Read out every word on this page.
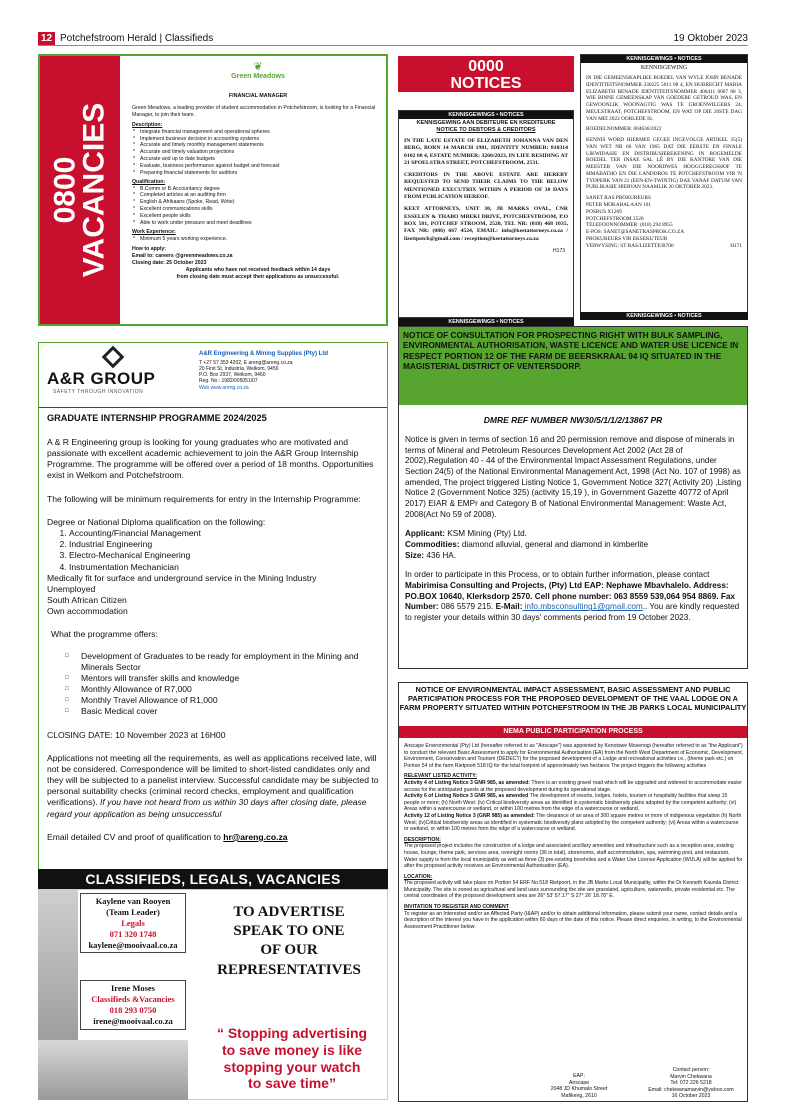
12 Potchefstroom Herald | Classifieds	19 Oktober 2023
0800
VACANCIES
❦
Green Meadows
FINANCIAL MANAGER

Green Meadows, a leading provider of student accommodation in Potchefstroom, is looking for a Financial Manager, to join their team.

Description:
* Integrate financial management and operational spheres
* Implement business decision in accounting systems
* Accurate and timely monthly management statements
* Accurate and timely valuation projections
* Accurate and up to date budgets
* Evaluate, business performance against budget and forecast
* Preparing financial statements for auditors
Qualification:
* B.Comm or B.Accountancy degree
* Completed articles at an auditing firm
* English & Afrikaans (Spoke, Read, Write)
* Excellent communications skills
* Excellent people skills
* Able to work under pressure and meet deadlines
Work Experience:
* Minimum 5 years working experience.
How to apply:
Email to: careers @greenmeadows.co.za
Closing date: 25 October 2023
Applicants who have not received feedback within 14 days
from closing date must accept their applications as unsuccessful.
0000
NOTICES
KENNISGEWINGS • NOTICES
KENNISGEWING AAN DEBITEURE EN KREDITEURE
NOTICE TO DEBTORS & CREDITORS

IN THE LATE ESTATE OF ELIZABETH JOHANNA VAN DEN BERG, BORN 14 MARCH 1981, IDENTITY NUMBER: 810314 0102 08 4, ESTATE NUMBER: 3260/2023, IN LIFE RESIDING AT 21 SPOELSTRA STREET, POTCHEFSTROOM, 2531.

CREDITORS IN THE ABOVE ESTATE ARE HEREBY REQUESTED TO SEND THEIR CLAIMS TO THE BELOW MENTIONED EXECUTRIX WITHIN A PERIOD OF 30 DAYS FROM PUBLICATION HEREOF.

KEET ATTORNEYS, UNIT 30, JB MARKS OVAL, CNR ESSELEN & THABO MBEKI DRIVE, POTCHEFSTROOM, P.O BOX 581, POTCHEF STROOM, 2520, TEL NR: (018) 468 1035, FAX NR: (086) 667 4524, EMAIL: info@keetattorneys.co.za / lizettpotch@gmail.com / reception@keetattorneys.co.za

H173
KENNISGEWINGS • NOTICES
KENNISGEWINGS • NOTICES
KENNISGEWING

IN DIE GEMEENSKAPLIKE BOEDEL VAN WYLE JOHN BENADE IDENTITEITSNOMMER 330225 5011 08 4, EN HUBRECHT MARIA ELIZABETH BENADE IDENTITEITSNOMMER 400411 0007 08 3, WIE BINNE GEMEENSKAP VAN GOEDERE GETROUD WAS, EN GEWOONLIK WOONAGTIG WAS TE GROENWILGERS 24, MEULSTRAAT, POTCHEFSTROOM, EN WAT OP DIE 20STE DAG VAN MEI 2022 OORLEDE IS.

BOEDELNOMMER: 004636/2022

KENNIS WORD HIERMEE GEGEE INGEVOLGE ARTIKEL 35(5) VAN WET NR 66 VAN 1965 DAT DIE EERSTE EN FINALE LIKWIDASIE EN DISTRIBUSIEREKENING IN BOGEMELDE BOEDEL TER INSAE SAL LÊ BY DIE KANTORE VAN DIE MEESTER VAN DIE NOORDWES HOOGGEREGSHOF TE MMABATHO EN DIE LANDDROS TE POTCHEFSTROOM VIR 'N TYDPERK VAN 21 (EEN-EN-TWINTIG) DAE VANAF DATUM VAN PUBLIKASIE HIERVAN NAAMLIK 20 OKTOBER 2023.

SANET RAS PROKUREURS
PETER MOKABALAAN 101
POSBUS X1269
POTCHEFSTROOM 2520
TELEFOONNOMMER: (018) 294 8955
E-POS: SANET@SANETRASPROK.CO.ZA
PROKUREURS VIR EKSEKUTEUR
VERWYSING: ST RAS/LIZETTE/B700	H171
KENNISGEWINGS • NOTICES
A&R GROUP
SAFETY THROUGH INNOVATION
A&R Engineering & Mining Supplies (Pty) Ltd
T +27 57 353 4202, E areng@areng.co.za
20 First St, Industria, Welkom, 9459
P.O. Box 2937, Welkom, 9460
Reg. No.: 1982/005051/07
Web www.areng.co.za
GRADUATE INTERNSHIP PROGRAMME 2024/2025

A & R Engineering group is looking for young graduates who are motivated and passionate with excellent academic achievement to join the A&R Group Internship Programme. The programme will be offered over a period of 18 months. Opportunities exist in Welkom and Potchefstroom.

The following will be minimum requirements for entry in the Internship Programme:

Degree or National Diploma qualification on the following:
1. Accounting/Financial Management
2. Industrial Engineering
3. Electro-Mechanical Engineering
4. Instrumentation Mechanician
Medically fit for surface and underground service in the Mining Industry
Unemployed
South African Citizen
Own accommodation
What the programme offers:
□ Development of Graduates to be ready for employment in the Mining and Minerals Sector
□ Mentors will transfer skills and knowledge
□ Monthly Allowance of R7,000
□ Monthly Travel Allowance of R1,000
□ Basic Medical cover

CLOSING DATE: 10 November 2023 at 16H00

Applications not meeting all the requirements, as well as applications received late, will not be considered. Correspondence will be limited to short-listed candidates only and they will be subjected to a panelist interview. Successful candidate may be subjected to personal suitability checks (criminal record checks, employment and qualification verifications). If you have not heard from us within 30 days after closing date, please regard your application as being unsuccessful

Email detailed CV and proof of qualification to hr@areng.co.za

CLASSIFIEDS, LEGALS, VACANCIES
Kaylene van Rooyen
(Team Leader)
Legals
071 320 1748
kaylene@mooivaal.co.za
Irene Moses
Classifieds &Vacancies
018 293 0750
irene@mooivaal.co.za
TO ADVERTISE
SPEAK TO ONE
OF OUR
REPRESENTATIVES
“ Stopping advertising
to save money is like
stopping your watch
to save time”
NOTICE OF CONSULTATION FOR PROSPECTING RIGHT WITH BULK SAMPLING, ENVIRONMENTAL AUTHORISATION, WASTE LICENCE AND WATER USE LICENCE IN RESPECT PORTION 12 OF THE FARM DE BEERSKRAAL 94 IQ SITUATED IN THE MAGISTERIAL DISTRICT OF VENTERSDORP.
DMRE REF NUMBER NW30/5/1/1/2/13867 PR

Notice is given in terms of section 16 and 20 permission remove and dispose of minerals in terms of Mineral and Petroleum Resources Development Act 2002 (Act 28 of 2002),Regulation 40 - 44 of the Environmental Impact Assessment Regulations, under Section 24(5) of the National Environmental Management Act, 1998 (Act No. 107 of 1998) as amended, The project triggered Listing Notice 1, Government Notice 327( Activity 20) ,Listing Notice 2 (Government Notice 325) (activity 15,19 ), in Government Gazette 40772 of April 2017) EIAR & EMPr and Category B of National Environmental Management: Waste Act, 2008(Act No 59 of 2008).

Applicant: KSM Mining (Pty) Ltd.
Commodities: diamond alluvial, general and diamond in kimberlite

Size: 436 HA.

In order to participate in this Process, or to obtain further information, please contact Mabirimisa Consulting and Projects, (Pty) Ltd EAP: Nephawe Mbavhalelo. Address: PO.BOX 10640, Klerksdorp 2570. Cell phone number: 063 8559 539,064 954 8869. Fax Number: 086 5579 215. E-Mail: info.mbsconsulting1@gmail.com.. You are kindly requested to register your details within 30 days' comments period from 19 October 2023.

NOTICE OF ENVIRONMENTAL IMPACT ASSESSMENT, BASIC ASSESSMENT AND PUBLIC PARTICIPATION PROCESS FOR THE PROPOSED DEVELOPMENT OF THE VAAL LODGE ON A FARM PROPERTY SITUATED WITHIN POTCHEFSTROOM IN THE JB PARKS LOCAL MUNICIPALITY
NEMA PUBLIC PARTICIPATION PROCESS

Airscape Environmental (Pty) Ltd (hereafter referred to as "Airscape") was appointed by Kenotswe Mosenogi (hereafter referred to as "the Applicant") to conduct the relevant Basic Assessment to apply for Environmental Authorisation (EA) from the North West Department of Economic, Development, Environment, Conservation and Tourism (DEDECT) for the proposed development of a Lodge and recreational activities i.e., (theme park etc.) on Portion 54 of the farm Rietpoort 518 IQ for the total footprint of approximately two hectares The project triggers the following activities

RELEVANT LISTED ACTIVITY:
Activity 4 of Listing Notice 3 GNR 985, as amended: There is an existing gravel road which will be upgraded and widened to accommodate easier access for the anticipated guests at the proposed development during its operational stage.
Activity 6 of Listing Notice 3 GNR 985, as amended The development of resorts, lodges, hotels, tourism or hospitality facilities that sleep 15 people or more; (h) North West: (iv) Critical biodiversity areas as identified in systematic biodiversity plans adopted by the competent authority; (vi) Areas within a watercourse or wetland, or within 100 metres from the edge of a watercourse or wetland.

Activity 12 of Listing Notice 3 (GNR 985) as amended: The clearance of an area of 300 square metres or more of indigenous vegetation (h) North West; (iv)Critical biodiversity areas as identified in systematic biodiversity plans adopted by the competent authority; (vi) Areas within a watercourse or wetland, or within 100 metres from the edge of a watercourse or wetland.

DESCRIPTION:

The proposed project includes the construction of a lodge and associated ancillary amenities and infrastructure such as a reception area, existing house, lounge, theme park, services area, overnight rooms (36 in total), storerooms, staff accommodation, spa, swimming pool, and restaurant. Water supply is from the local municipality as well as three (3) pre-existing boreholes and a Water Use License Application (WULA) will be applied for after the proposed activity receives an Environmental Authorisation (EA).

LOCATION:

The proposed activity will take place on Portion 54 ERF No.518 Rietpoort, in the JB Marks Local Municipality, within the Dr Kenneth Kaunda District Municipality. The site is zoned as agricultural and land uses surrounding the site are grassland, agriculture, waterwells, private residential etc. The central coordinates of the proposed development area are 26° 53' 57.17" S 27° 26' 18.78" E.

INVITATION TO REGISTER AND COMMENT

To register as an Interested and/or an Affected Party (I&AP) and/or to obtain additional information, please submit your name, contact details and a description of the interest you have in the application within 60 days of the date of this notice. Please direct enquiries, in writing, to the Environmental Assessment Practitioner below:

EAP:
Airscape
2048 JD Khumalo Street
Mafikeng, 2610
Contact person:
Marvin Chekwana
Tel: 072 226 5218
Email: chekwanamarvin@yahoo.com
16 October 2023
